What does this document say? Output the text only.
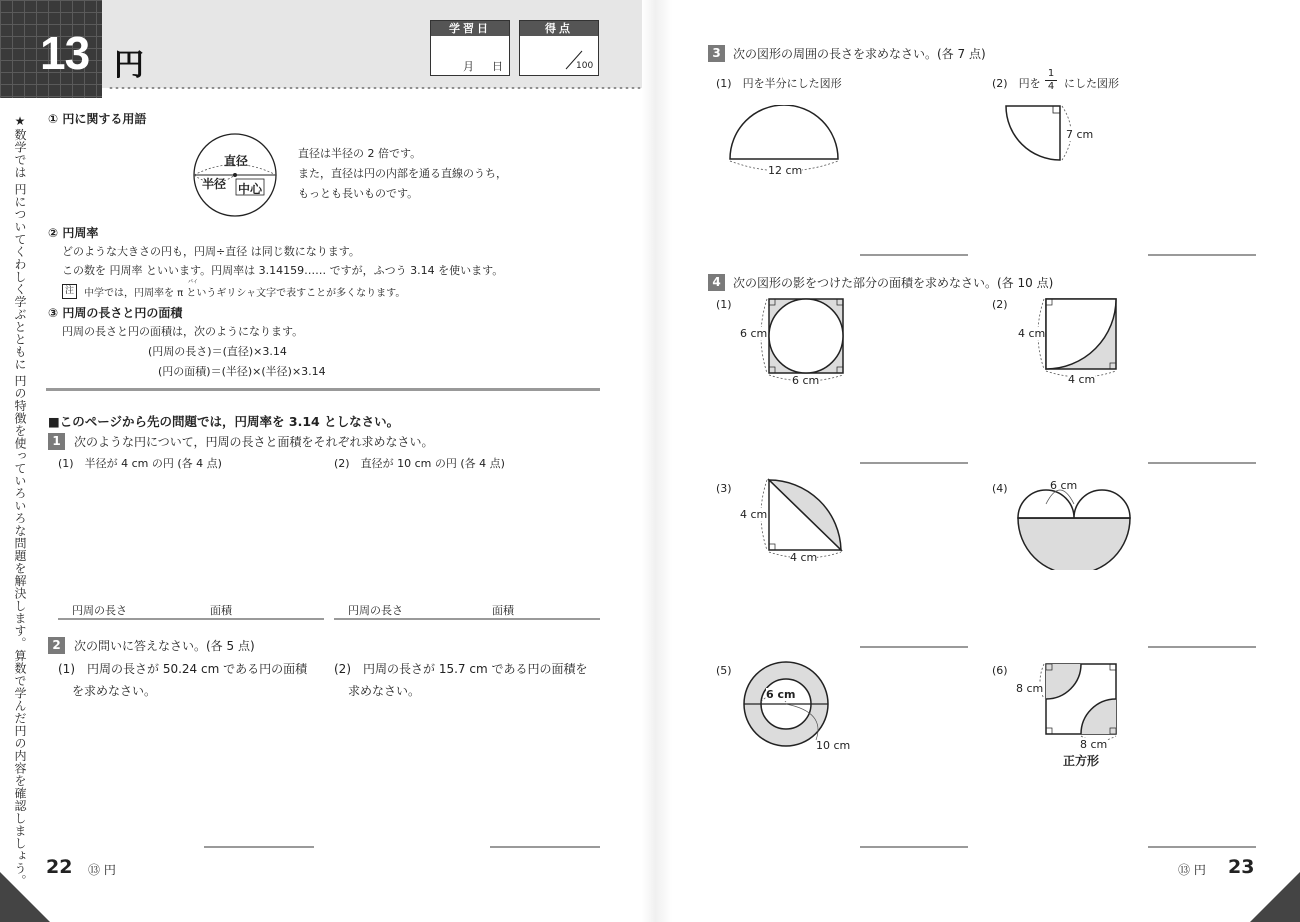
13 円
学習日
月 日
得点
100
★数学では 円についてくわしく学ぶとともに 円の特徴を使っていろいろな問題を解決します。算数で学んだ円の内容を確認しましょう。 ① 円に関する用語
直径
半径 中心
直径は半径の 2 倍です。
また，直径は円の内部を通る直線のうち，
もっとも長いものです。
② 円周率
どのような大きさの円も，円周÷直径 は同じ数になります。
この数を 円周率 といいます。円周率は 3.14159…… ですが，ふつう 3.14 を使います。
注
パイ
中学では，円周率を π というギリシャ文字で表すことが多くなります。
③ 円周の長さと円の面積
円周の長さと円の面積は，次のようになります。
(円周の長さ)＝(直径)×3.14
(円の面積)＝(半径)×(半径)×3.14
■このページから先の問題では，円周率を 3.14 としなさい。
1	次のような円について，円周の長さと面積をそれぞれ求めなさい。
(1)　半径が 4 cm の円 (各 4 点)	(2)　直径が 10 cm の円 (各 4 点)
円周の長さ	面積	円周の長さ	面積
2	次の問いに答えなさい。(各 5 点)
(1)　円周の長さが 50.24 cm である円の面積
を求めなさい。
(2)　円周の長さが 15.7 cm である円の面積を
求めなさい。
22 ⑬ 円
3	次の図形の周囲の長さを求めなさい。(各 7 点)
(1)　円を半分にした図形	(2)　円を $\frac{1}{4}$ にした図形
12 cm
7 cm
4	次の図形の影をつけた部分の面積を求めなさい。(各 10 点)
(1)	(2)
(3)	(4)
(5)	(6)
6 cm
6 cm
4 cm
4 cm
4 cm
4 cm
6 cm
6 cm
10 cm
8 cm
8 cm
正方形
⑬ 円 23
